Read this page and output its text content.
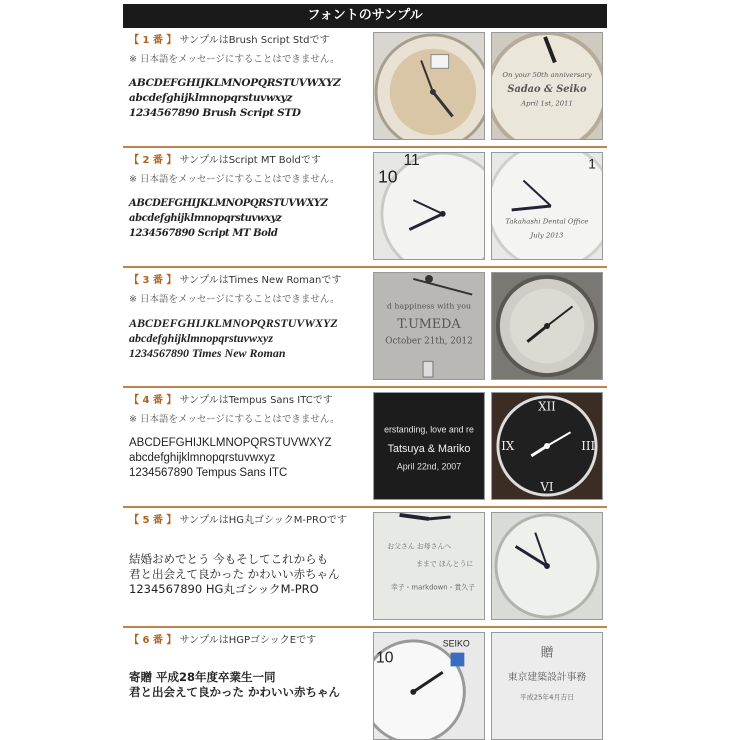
フォントのサンプル
【 1 番 】 サンプルはBrush Script Stdです
※ 日本語をメッセージにすることはできません。
ABCDEFGHIJKLMNOPQRSTUVWXYZ
abcdefghijklmnopqrstuvwxyz
1234567890 Brush Script STD
On your 50th anniversary
Sadao & Seiko
April 1st, 2011
【 2 番 】 サンプルはScript MT Boldです
※ 日本語をメッセージにすることはできません。
ABCDEFGHIJKLMNOPQRSTUVWXYZ
abcdefghijklmnopqrstuvwxyz
1234567890 Script MT Bold
10
11	1
Takahashi Dental Office
July 2013
【 3 番 】 サンプルはTimes New Romanです
※ 日本語をメッセージにすることはできません。
ABCDEFGHIJKLMNOPQRSTUVWXYZ
abcdefghijklmnopqrstuvwxyz
1234567890 Times New Roman
d happiness with you
T.UMEDA
October 21th, 2012
【 4 番 】 サンプルはTempus Sans ITCです
※ 日本語をメッセージにすることはできません。
ABCDEFGHIJKLMNOPQRSTUVWXYZ
abcdefghijklmnopqrstuvwxyz
1234567890 Tempus Sans ITC
erstanding, love and re
Tatsuya & Mariko
April 22nd, 2007
XII
III
VI
IX
【 5 番 】 サンプルはHG丸ゴシックM-PROです
結婚おめでとう 今もそしてこれからも
君と出会えて良かった かわいい赤ちゃん
1234567890 HG丸ゴシックM-PRO
お父さん お母さんへ
ままで ほんとうに
幸子・markdown・貴久子
【 6 番 】 サンプルはHGPゴシックEです
寄贈 平成28年度卒業生一同
君と出会えて良かった かわいい赤ちゃん
10
SEIKO
贈
東京建築設計事務
平成25年4月吉日
